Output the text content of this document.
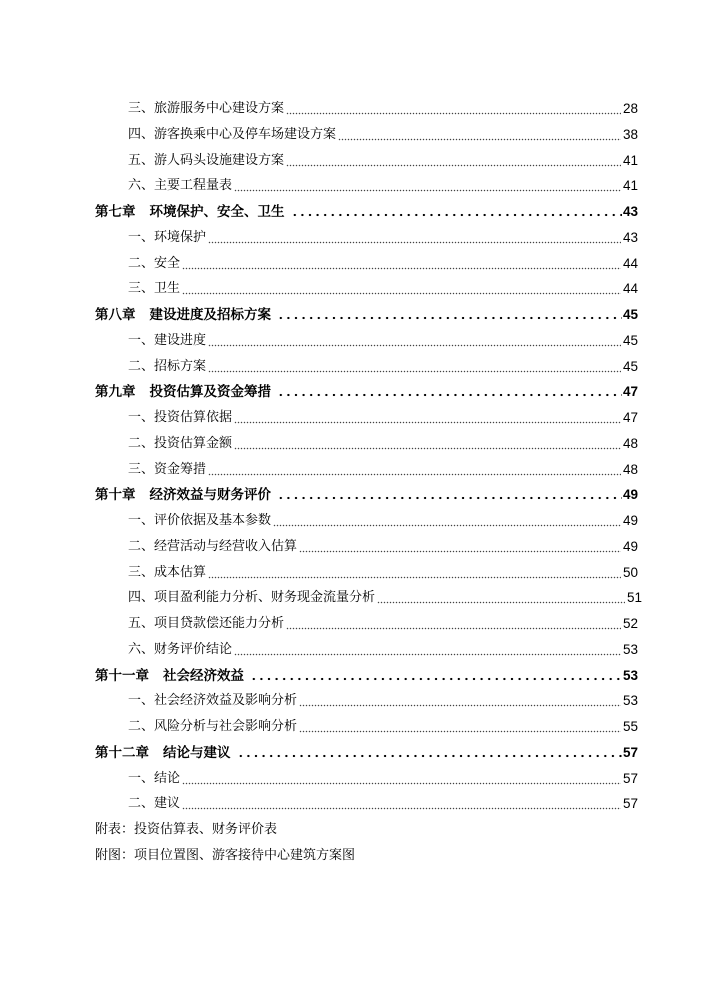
三、旅游服务中心建设方案	28
四、游客换乘中心及停车场建设方案	38
五、游人码头设施建设方案	41
六、主要工程量表	41
第七章 环境保护、安全、卫生	43
一、环境保护	43
二、安全	44
三、卫生	44
第八章 建设进度及招标方案	45
一、建设进度	45
二、招标方案	45
第九章 投资估算及资金筹措	47
一、投资估算依据	47
二、投资估算金额	48
三、资金筹措	48
第十章 经济效益与财务评价	49
一、评价依据及基本参数	49
二、经营活动与经营收入估算	49
三、成本估算	50
四、项目盈利能力分析、财务现金流量分析	51
五、项目贷款偿还能力分析	52
六、财务评价结论	53
第十一章 社会经济效益	53
一、社会经济效益及影响分析	53
二、风险分析与社会影响分析	55
第十二章 结论与建议	57
一、结论	57
二、建议	57
附表：投资估算表、财务评价表
附图：项目位置图、游客接待中心建筑方案图
